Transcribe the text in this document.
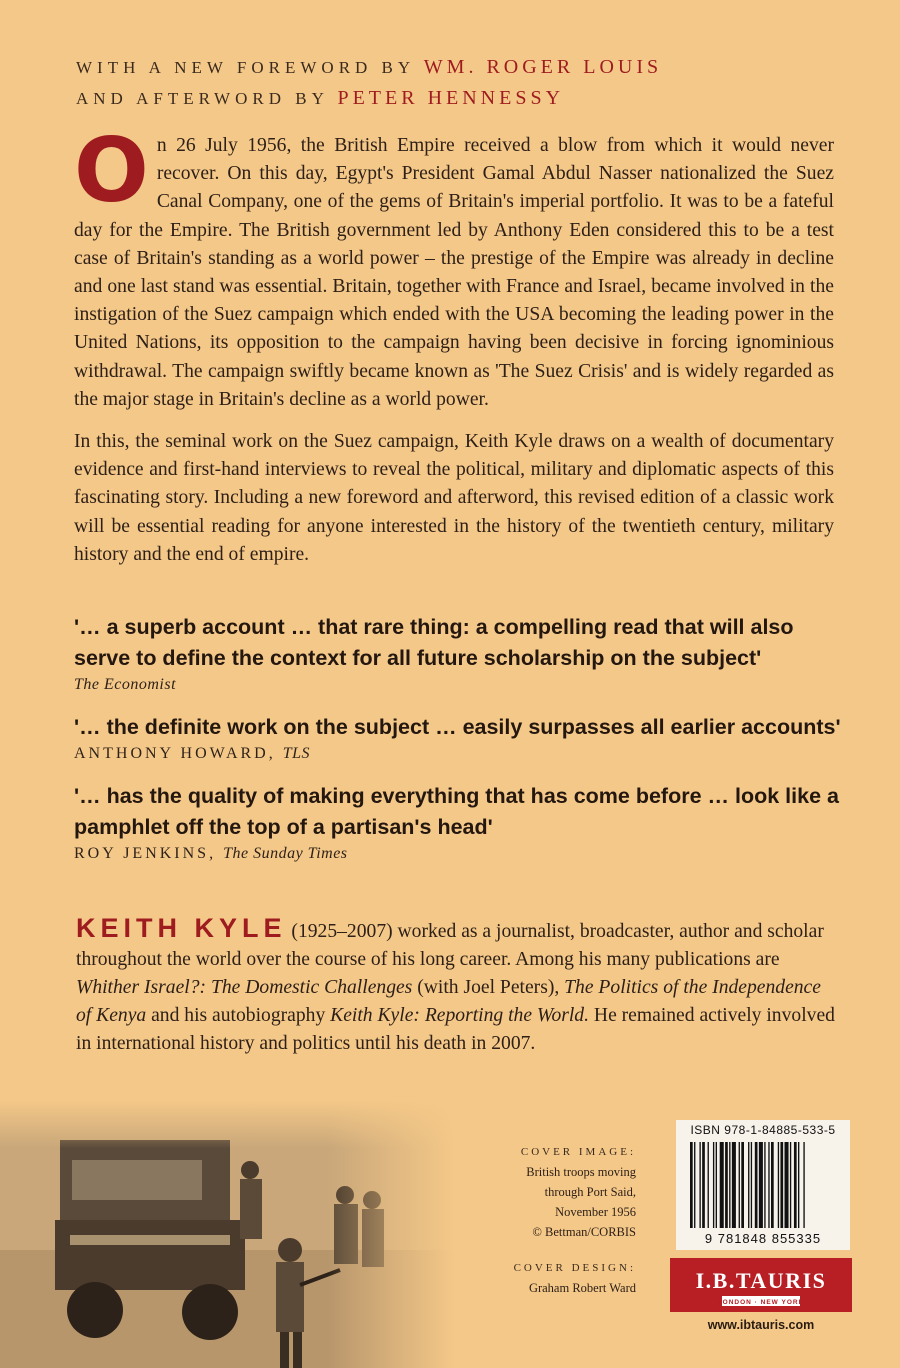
WITH A NEW FOREWORD BY WM. ROGER LOUIS
AND AFTERWORD BY PETER HENNESSY

On 26 July 1956, the British Empire received a blow from which it would never recover. On this day, Egypt's President Gamal Abdul Nasser nationalized the Suez Canal Company, one of the gems of Britain's imperial portfolio. It was to be a fateful day for the Empire. The British government led by Anthony Eden considered this to be a test case of Britain's standing as a world power – the prestige of the Empire was already in decline and one last stand was essential. Britain, together with France and Israel, became involved in the instigation of the Suez campaign which ended with the USA becoming the leading power in the United Nations, its opposition to the campaign having been decisive in forcing ignominious withdrawal. The campaign swiftly became known as 'The Suez Crisis' and is widely regarded as the major stage in Britain's decline as a world power.

In this, the seminal work on the Suez campaign, Keith Kyle draws on a wealth of documentary evidence and first-hand interviews to reveal the political, military and diplomatic aspects of this fascinating story. Including a new foreword and afterword, this revised edition of a classic work will be essential reading for anyone interested in the history of the twentieth century, military history and the end of empire.

'… a superb account … that rare thing: a compelling read that will also serve to define the context for all future scholarship on the subject'
The Economist
'… the definite work on the subject … easily surpasses all earlier accounts'
ANTHONY HOWARD, TLS
'… has the quality of making everything that has come before … look like a pamphlet off the top of a partisan's head'
ROY JENKINS, The Sunday Times
KEITH KYLE (1925–2007) worked as a journalist, broadcaster, author and scholar throughout the world over the course of his long career. Among his many publications are Whither Israel?: The Domestic Challenges (with Joel Peters), The Politics of the Independence of Kenya and his autobiography Keith Kyle: Reporting the World. He remained actively involved in international history and politics until his death in 2007.
COVER IMAGE:
British troops moving
through Port Said,
November 1956
© Bettman/CORBIS
COVER DESIGN:
Graham Robert Ward
ISBN 978-1-84885-533-5
9 781848 855335
I.B.TAURIS
LONDON · NEW YORK
www.ibtauris.com
